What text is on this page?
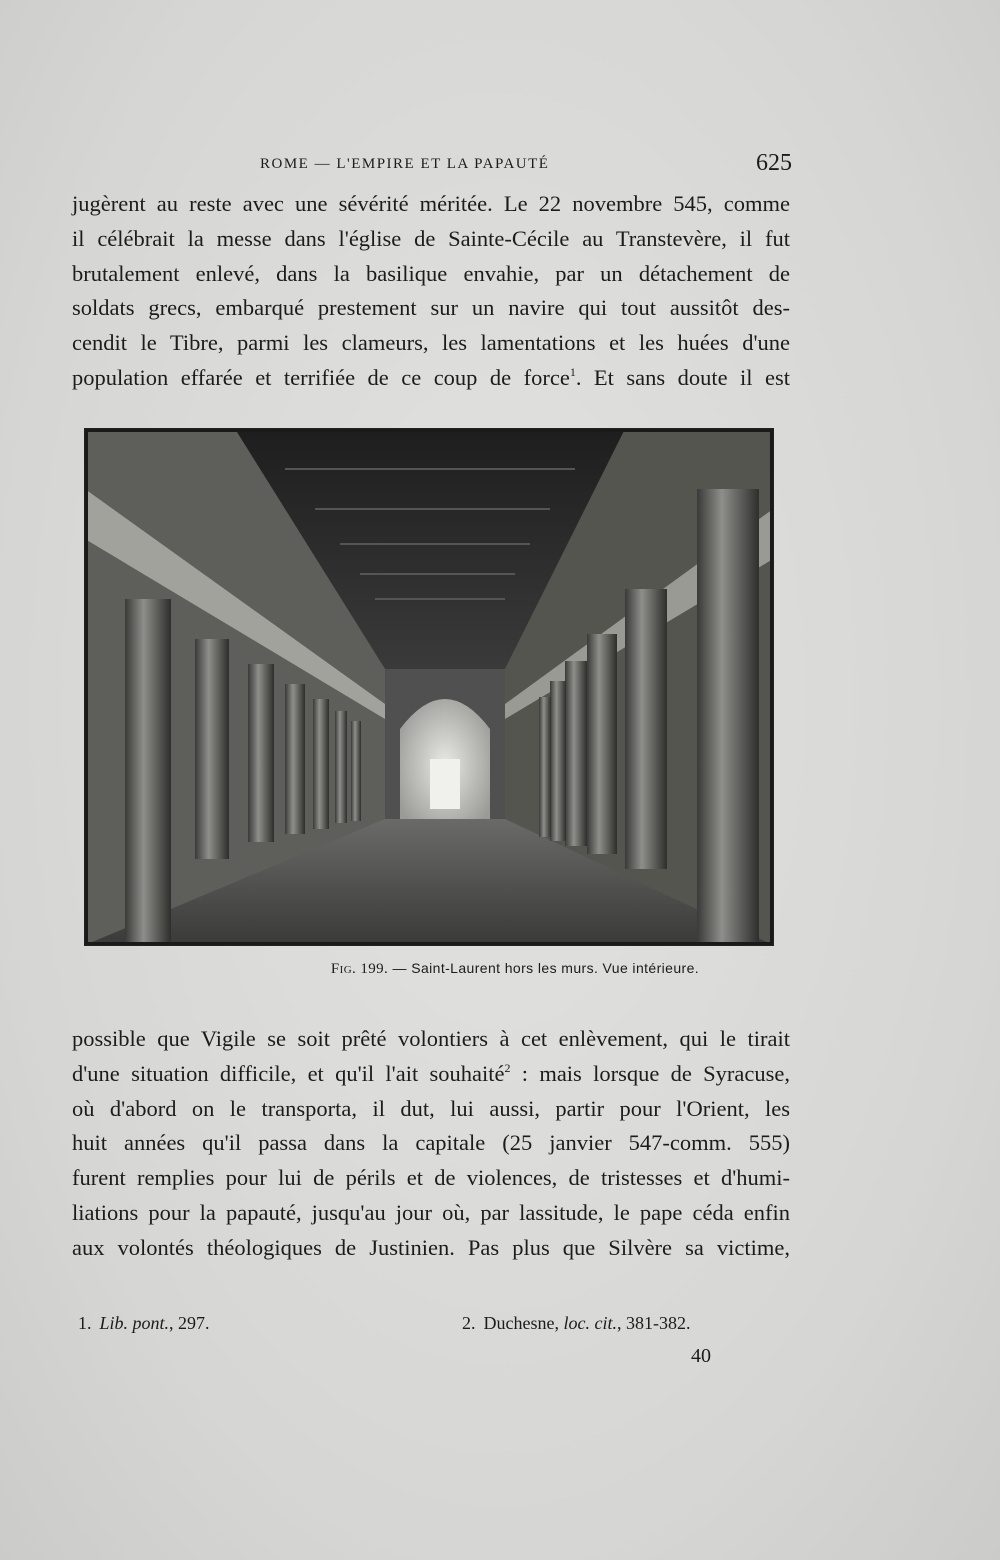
ROME — L'EMPIRE ET LA PAPAUTÉ	625

jugèrent au reste avec une sévérité méritée. Le 22 novembre 545, comme

il célébrait la messe dans l'église de Sainte-Cécile au Transtevère, il fut

brutalement enlevé, dans la basilique envahie, par un détachement de

soldats grecs, embarqué prestement sur un navire qui tout aussitôt des-

cendit le Tibre, parmi les clameurs, les lamentations et les huées d'une

population effarée et terrifiée de ce coup de force$^1$. Et sans doute il est

Fig. 199. — Saint-Laurent hors les murs. Vue intérieure.

possible que Vigile se soit prêté volontiers à cet enlèvement, qui le tirait

d'une situation difficile, et qu'il l'ait souhaité$^2$ : mais lorsque de Syracuse,

où d'abord on le transporta, il dut, lui aussi, partir pour l'Orient, les

huit années qu'il passa dans la capitale (25 janvier 547-comm. 555)

furent remplies pour lui de périls et de violences, de tristesses et d'humi-

liations pour la papauté, jusqu'au jour où, par lassitude, le pape céda enfin

aux volontés théologiques de Justinien. Pas plus que Silvère sa victime,

1. Lib. pont., 297.	2. Duchesne, loc. cit., 381-382.
40
